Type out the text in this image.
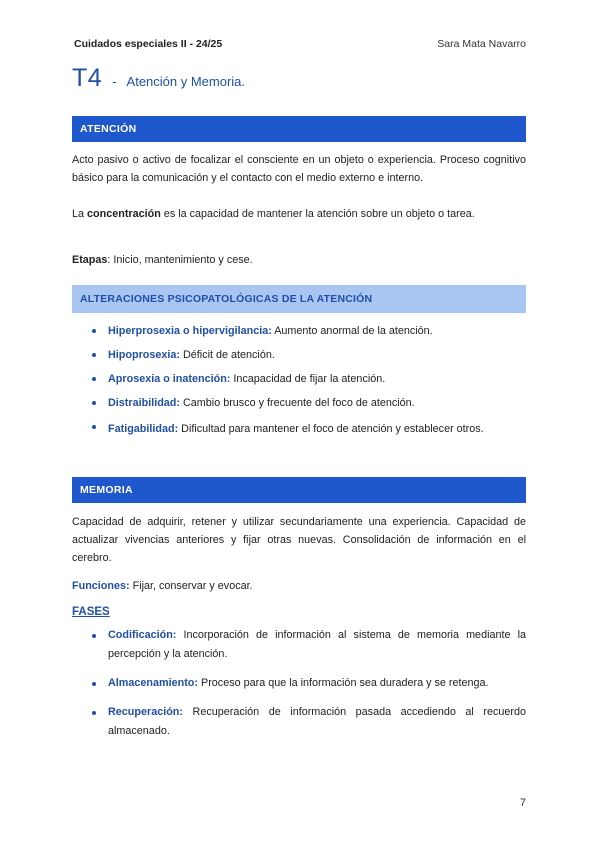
Cuidados especiales II - 24/25	Sara Mata Navarro
T4 - Atención y Memoria.
ATENCIÓN
Acto pasivo o activo de focalizar el consciente en un objeto o experiencia. Proceso cognitivo básico para la comunicación y el contacto con el medio externo e interno.
La concentración es la capacidad de mantener la atención sobre un objeto o tarea.
Etapas: Inicio, mantenimiento y cese.
ALTERACIONES PSICOPATOLÓGICAS DE LA ATENCIÓN
Hiperprosexia o hipervigilancia: Aumento anormal de la atención.
Hipoprosexia: Déficit de atención.
Aprosexia o inatención: Incapacidad de fijar la atención.
Distraibilidad: Cambio brusco y frecuente del foco de atención.
Fatigabilidad: Dificultad para mantener el foco de atención y establecer otros.
MEMORIA
Capacidad de adquirir, retener y utilizar secundariamente una experiencia. Capacidad de actualizar vivencias anteriores y fijar otras nuevas. Consolidación de información en el cerebro.
Funciones: Fijar, conservar y evocar.
FASES
Codificación: Incorporación de información al sistema de memoria mediante la percepción y la atención.
Almacenamiento: Proceso para que la información sea duradera y se retenga.
Recuperación: Recuperación de información pasada accediendo al recuerdo almacenado.
7
